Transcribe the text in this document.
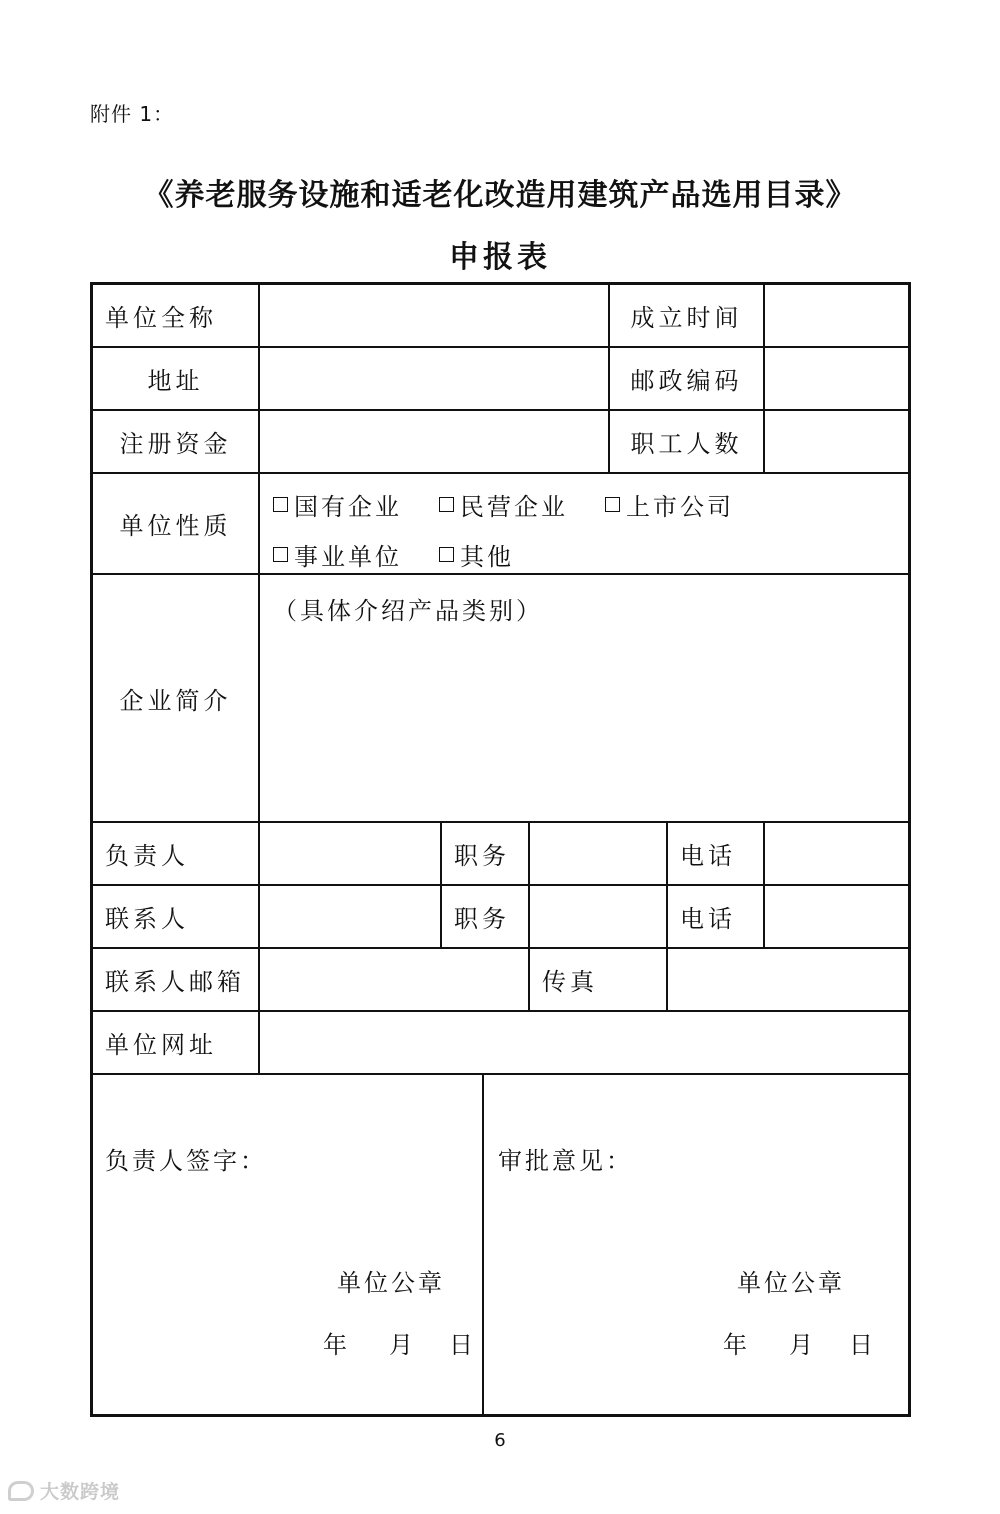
附件 1：
《养老服务设施和适老化改造用建筑产品选用目录》
申报表
单位全称	成立时间
地址	邮政编码
注册资金	职工人数
单位性质
国有企业 民营企业 上市公司
事业单位 其他
企业简介
（具体介绍产品类别）
负责人	职务	电话
联系人	职务	电话
联系人邮箱	传真
单位网址
负责人签字：
单位公章
年 月 日
审批意见：
单位公章
年 月 日
6
大数跨境
